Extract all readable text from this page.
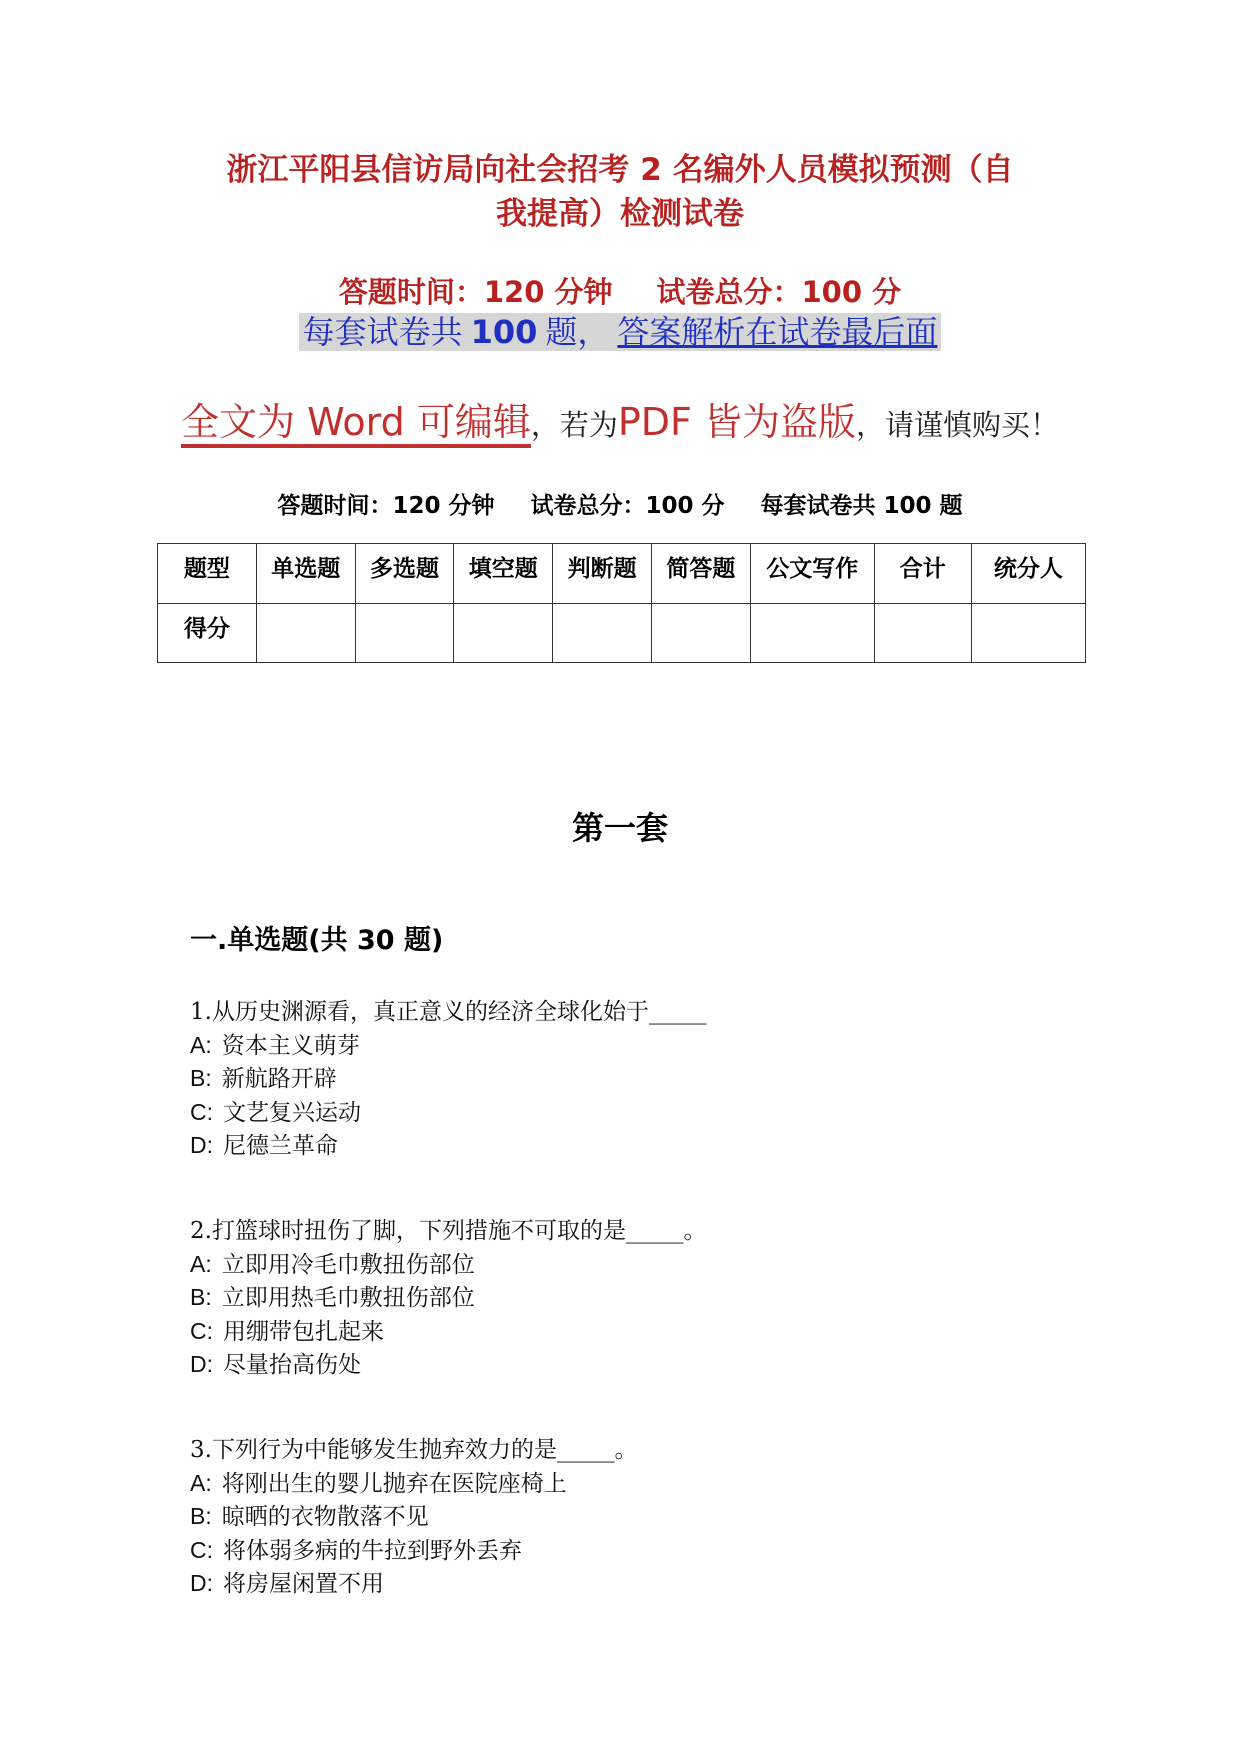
浙江平阳县信访局向社会招考 2 名编外人员模拟预测（自
我提高）检测试卷
答题时间：120 分钟 试卷总分：100 分
每套试卷共 100 题， 答案解析在试卷最后面
全文为 Word 可编辑，若为PDF 皆为盗版，请谨慎购买！
答题时间：120 分钟 试卷总分：100 分 每套试卷共 100 题
题型	单选题	多选题	填空题	判断题	简答题	公文写作	合计	统分人
得分								
第一套
一.单选题(共 30 题)
1.从历史渊源看，真正意义的经济全球化始于_____
A: 资本主义萌芽
B: 新航路开辟
C: 文艺复兴运动
D: 尼德兰革命
2.打篮球时扭伤了脚，下列措施不可取的是_____。
A: 立即用冷毛巾敷扭伤部位
B: 立即用热毛巾敷扭伤部位
C: 用绷带包扎起来
D: 尽量抬高伤处
3.下列行为中能够发生抛弃效力的是_____。
A: 将刚出生的婴儿抛弃在医院座椅上
B: 晾晒的衣物散落不见
C: 将体弱多病的牛拉到野外丢弃
D: 将房屋闲置不用
